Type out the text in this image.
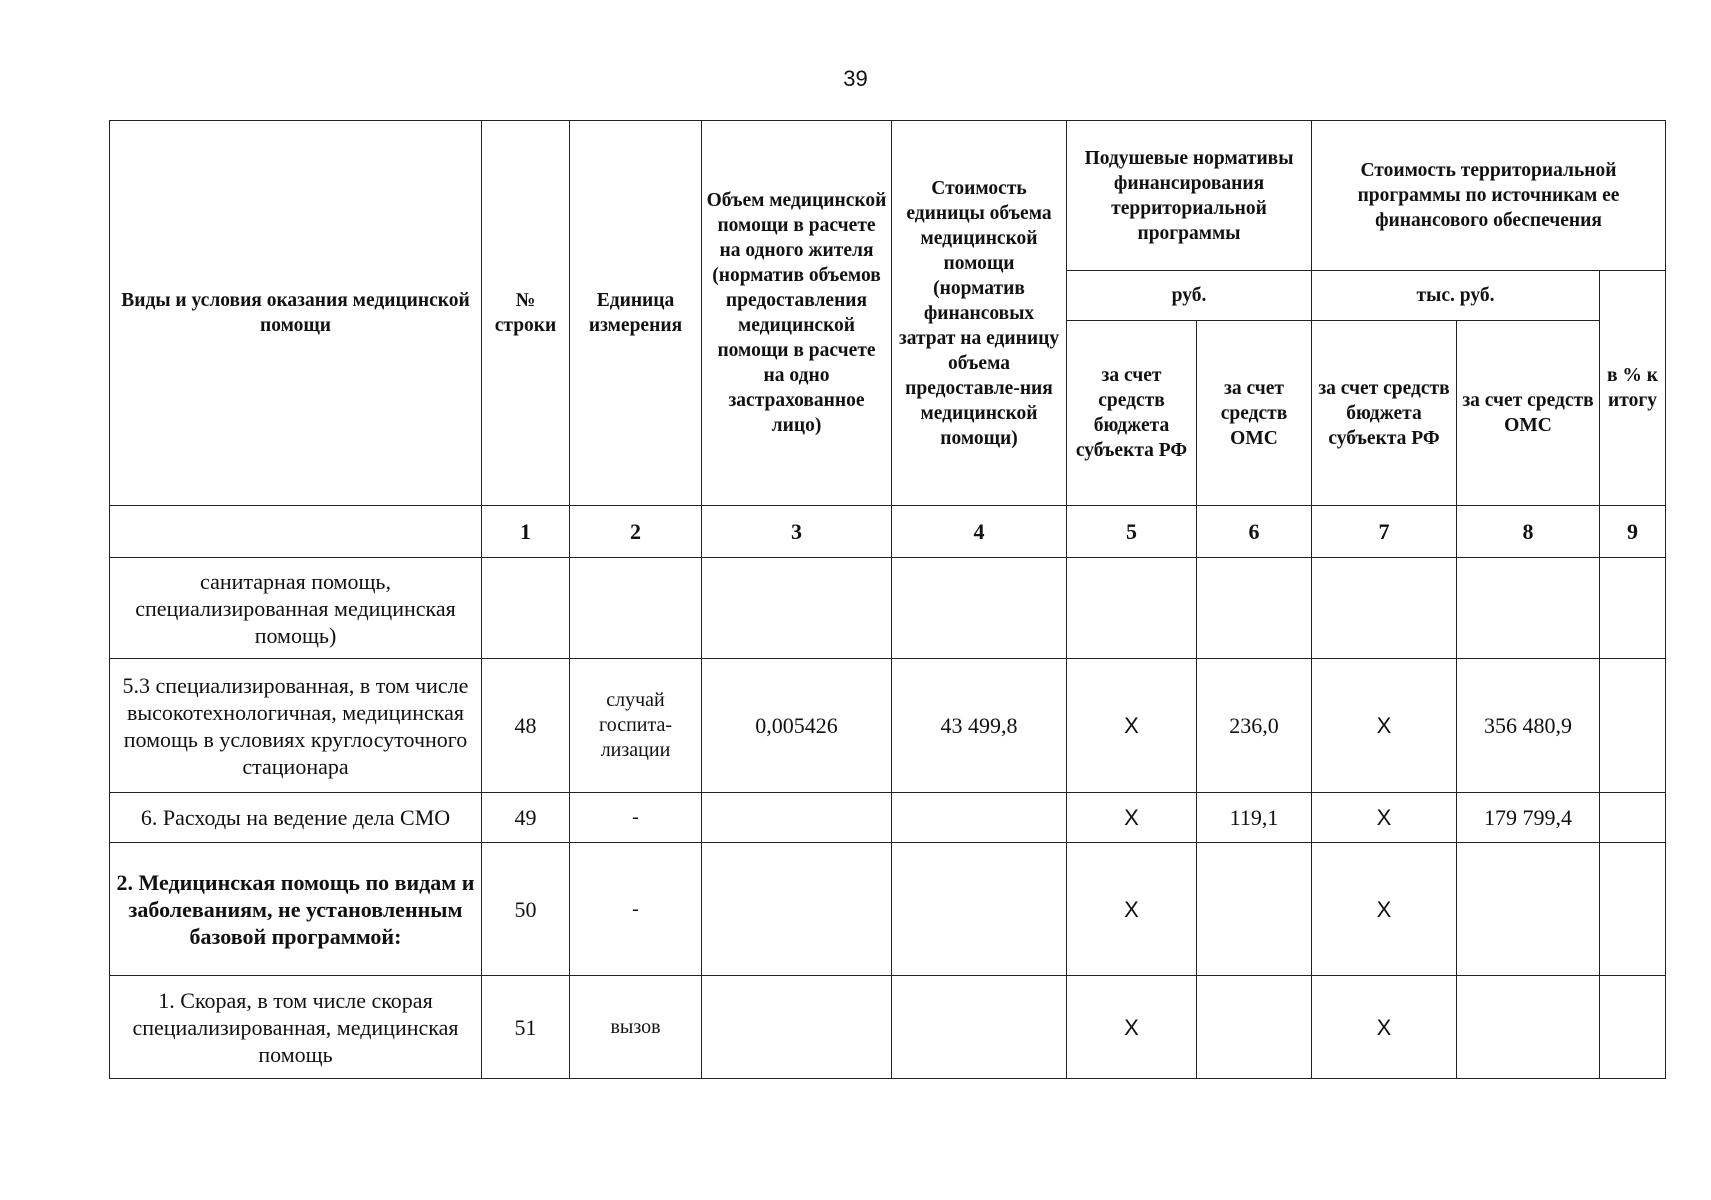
39
Виды и условия оказания медицинской помощи	№ строки	Единица измерения	Объем медицинской помощи в расчете на одного жителя (норматив объемов предоставления медицинской помощи в расчете на одно застрахованное лицо)	Стоимость единицы объема медицинской помощи (норматив финансовых затрат на единицу объема предоставле-ния медицинской помощи)	Подушевые нормативы финансирования территориальной программы		Стоимость территориальной программы по источникам ее финансового обеспечения		
					руб.		тыс. руб.		в % к итогу
					за счет средств бюджета субъекта РФ	за счет средств ОМС	за счет средств бюджета субъекта РФ	за счет средств ОМС	
	1	2	3	4	5	6	7	8	9
санитарная помощь, специализированная медицинская помощь)									
5.3 специализированная, в том числе высокотехнологичная, медицинская помощь в условиях круглосуточного стационара	48	случай госпита-лизации	0,005426	43 499,8	Х	236,0	Х	356 480,9	
6. Расходы на ведение дела СМО	49	-			Х	119,1	Х	179 799,4	
2. Медицинская помощь по видам и заболеваниям, не установленным базовой программой:	50	-			Х		Х		
1. Скорая, в том числе скорая специализированная, медицинская помощь	51	вызов			Х		Х		
